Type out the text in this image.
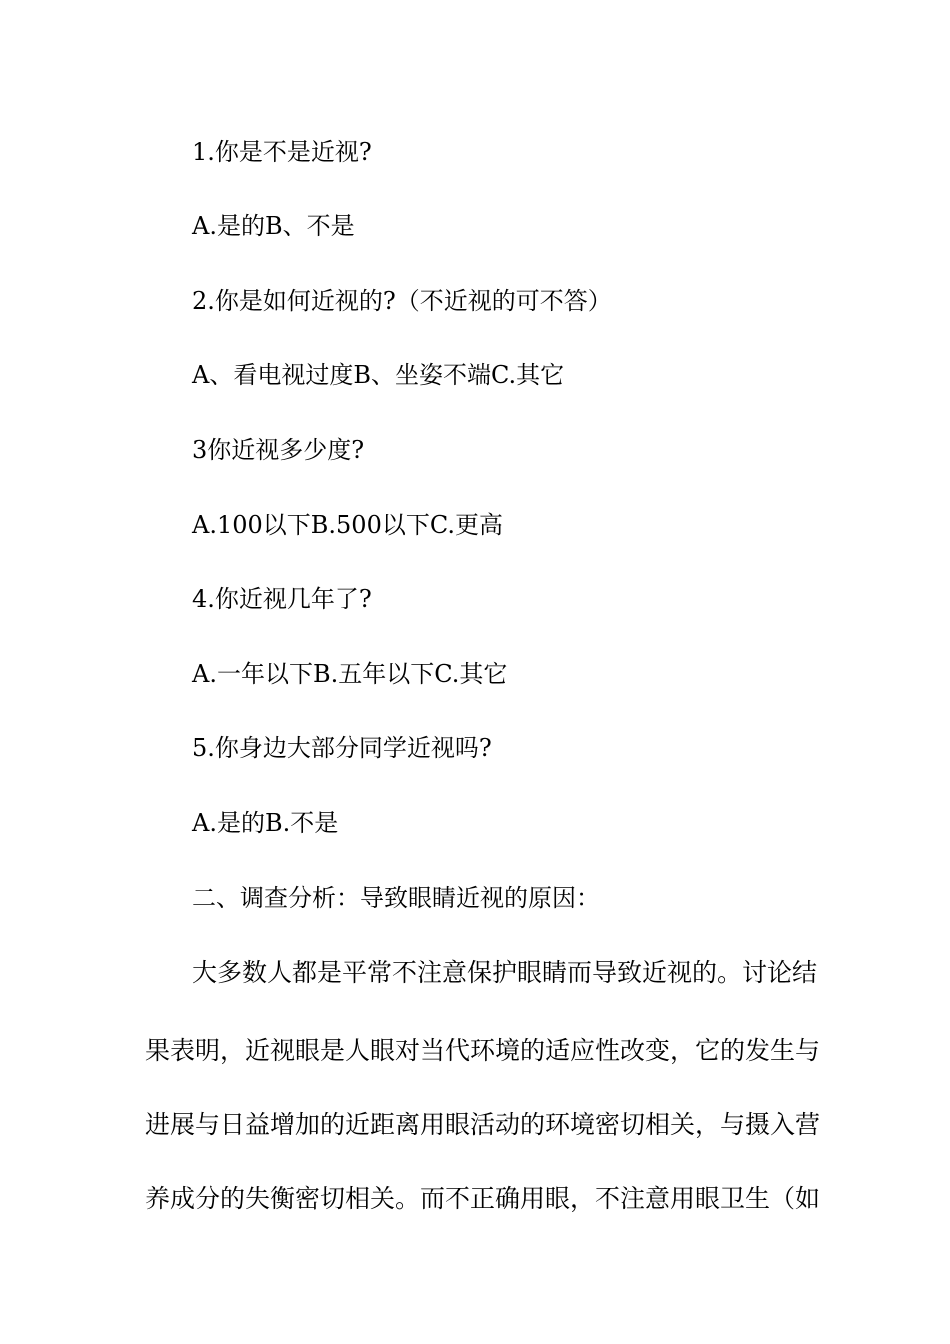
1.你是不是近视?
A.是的B、不是
2.你是如何近视的?（不近视的可不答）
A、看电视过度B、坐姿不端C.其它
3你近视多少度?
A.100以下B.500以下C.更高
4.你近视几年了?
A.一年以下B.五年以下C.其它
5.你身边大部分同学近视吗?
A.是的B.不是
二、调查分析：导致眼睛近视的原因：
大多数人都是平常不注意保护眼睛而导致近视的。讨论结
果表明，近视眼是人眼对当代环境的适应性改变，它的发生与
进展与日益增加的近距离用眼活动的环境密切相关，与摄入营
养成分的失衡密切相关。而不正确用眼，不注意用眼卫生（如
